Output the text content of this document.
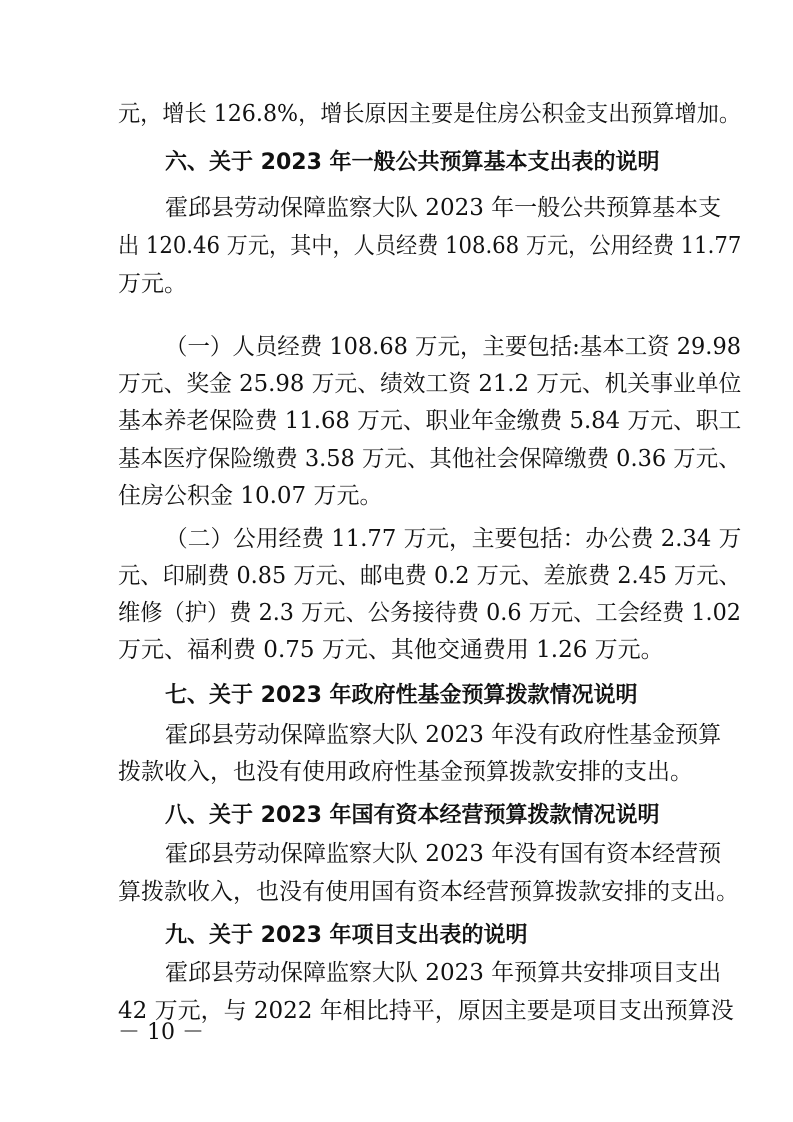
元，增长 126.8%，增长原因主要是住房公积金支出预算增加。
六、关于 2023 年一般公共预算基本支出表的说明
霍邱县劳动保障监察大队 2023 年一般公共预算基本支
出 120.46 万元，其中，人员经费 108.68 万元，公用经费 11.77
万元。
（一）人员经费 108.68 万元，主要包括:基本工资 29.98
万元、奖金 25.98 万元、绩效工资 21.2 万元、机关事业单位
基本养老保险费 11.68 万元、职业年金缴费 5.84 万元、职工
基本医疗保险缴费 3.58 万元、其他社会保障缴费 0.36 万元、
住房公积金 10.07 万元。
（二）公用经费 11.77 万元，主要包括：办公费 2.34 万
元、印刷费 0.85 万元、邮电费 0.2 万元、差旅费 2.45 万元、
维修（护）费 2.3 万元、公务接待费 0.6 万元、工会经费 1.02
万元、福利费 0.75 万元、其他交通费用 1.26 万元。
七、关于 2023 年政府性基金预算拨款情况说明
霍邱县劳动保障监察大队 2023 年没有政府性基金预算
拨款收入，也没有使用政府性基金预算拨款安排的支出。
八、关于 2023 年国有资本经营预算拨款情况说明
霍邱县劳动保障监察大队 2023 年没有国有资本经营预
算拨款收入，也没有使用国有资本经营预算拨款安排的支出。
九、关于 2023 年项目支出表的说明
霍邱县劳动保障监察大队 2023 年预算共安排项目支出
42 万元，与 2022 年相比持平，原因主要是项目支出预算没
－ 10 －
